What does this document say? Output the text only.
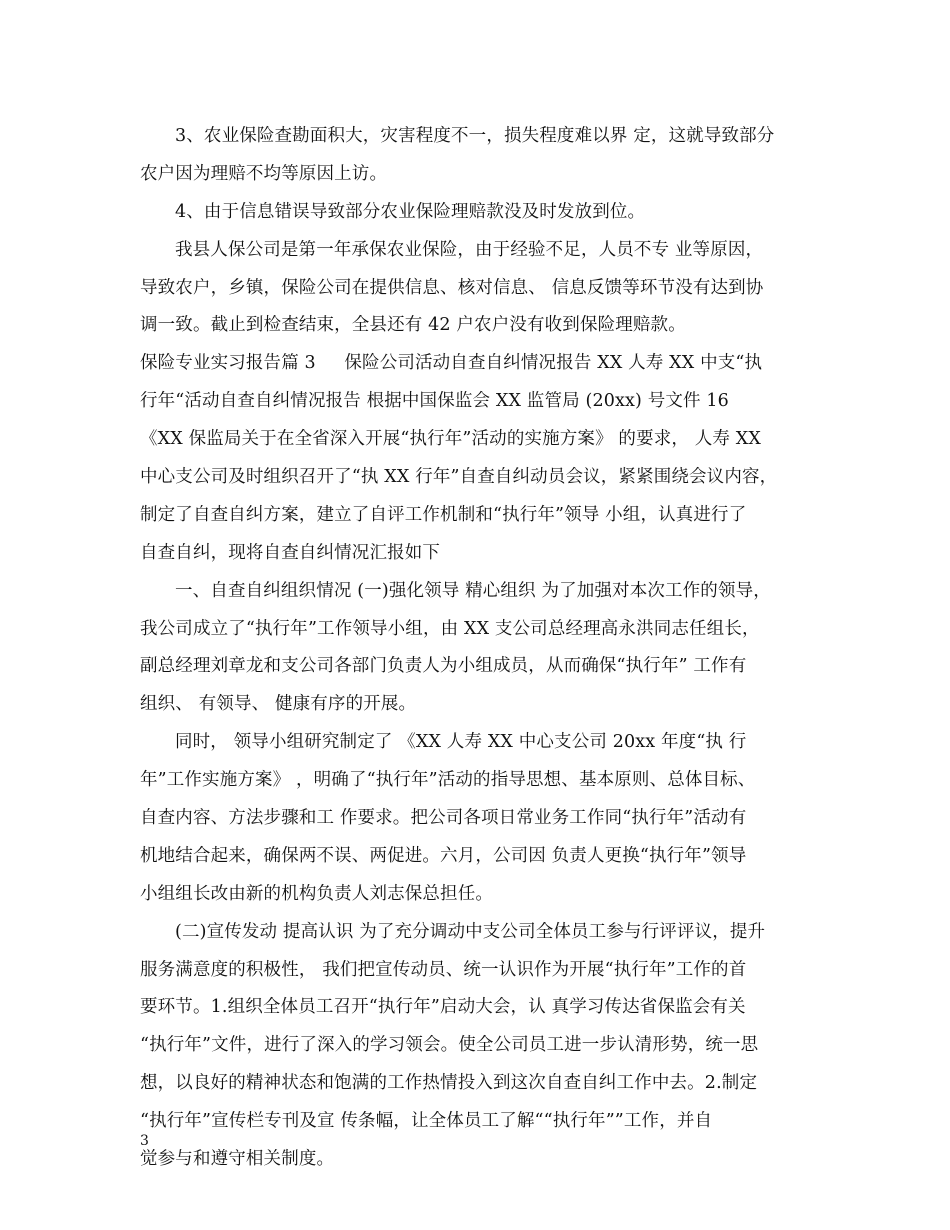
3、农业保险查勘面积大，灾害程度不一，损失程度难以界 定，这就导致部分
农户因为理赔不均等原因上访。
4、由于信息错误导致部分农业保险理赔款没及时发放到位。
我县人保公司是第一年承保农业保险，由于经验不足，人员不专 业等原因，
导致农户，乡镇，保险公司在提供信息、核对信息、 信息反馈等环节没有达到协
调一致。截止到检查结束，全县还有 42 户农户没有收到保险理赔款。
保险专业实习报告篇 3     保险公司活动自查自纠情况报告 XX 人寿 XX 中支“执
行年“活动自查自纠情况报告 根据中国保监会 XX 监管局 (20xx) 号文件 16
《XX 保监局关于在全省深入开展“执行年”活动的实施方案》 的要求， 人寿 XX
中心支公司及时组织召开了“执 XX 行年”自查自纠动员会议，紧紧围绕会议内容，
制定了自查自纠方案，建立了自评工作机制和“执行年”领导 小组，认真进行了
自查自纠，现将自查自纠情况汇报如下
一、自查自纠组织情况 (一)强化领导 精心组织 为了加强对本次工作的领导，
我公司成立了“执行年”工作领导小组，由 XX 支公司总经理高永洪同志任组长，
副总经理刘章龙和支公司各部门负责人为小组成员，从而确保“执行年” 工作有
组织、 有领导、 健康有序的开展。
同时， 领导小组研究制定了 《XX 人寿 XX 中心支公司 20xx 年度“执 行
年”工作实施方案》 ，明确了“执行年”活动的指导思想、基本原则、总体目标、
自查内容、方法步骤和工 作要求。把公司各项日常业务工作同“执行年”活动有
机地结合起来，确保两不误、两促进。六月，公司因 负责人更换“执行年”领导
小组组长改由新的机构负责人刘志保总担任。
(二)宣传发动 提高认识 为了充分调动中支公司全体员工参与行评评议，提升
服务满意度的积极性， 我们把宣传动员、统一认识作为开展“执行年”工作的首
要环节。1.组织全体员工召开“执行年”启动大会，认 真学习传达省保监会有关
“执行年”文件，进行了深入的学习领会。使全公司员工进一步认清形势，统一思
想，以良好的精神状态和饱满的工作热情投入到这次自查自纠工作中去。2.制定
“执行年”宣传栏专刊及宣 传条幅，让全体员工了解““执行年””工作，并自
觉参与和遵守相关制度。
3
